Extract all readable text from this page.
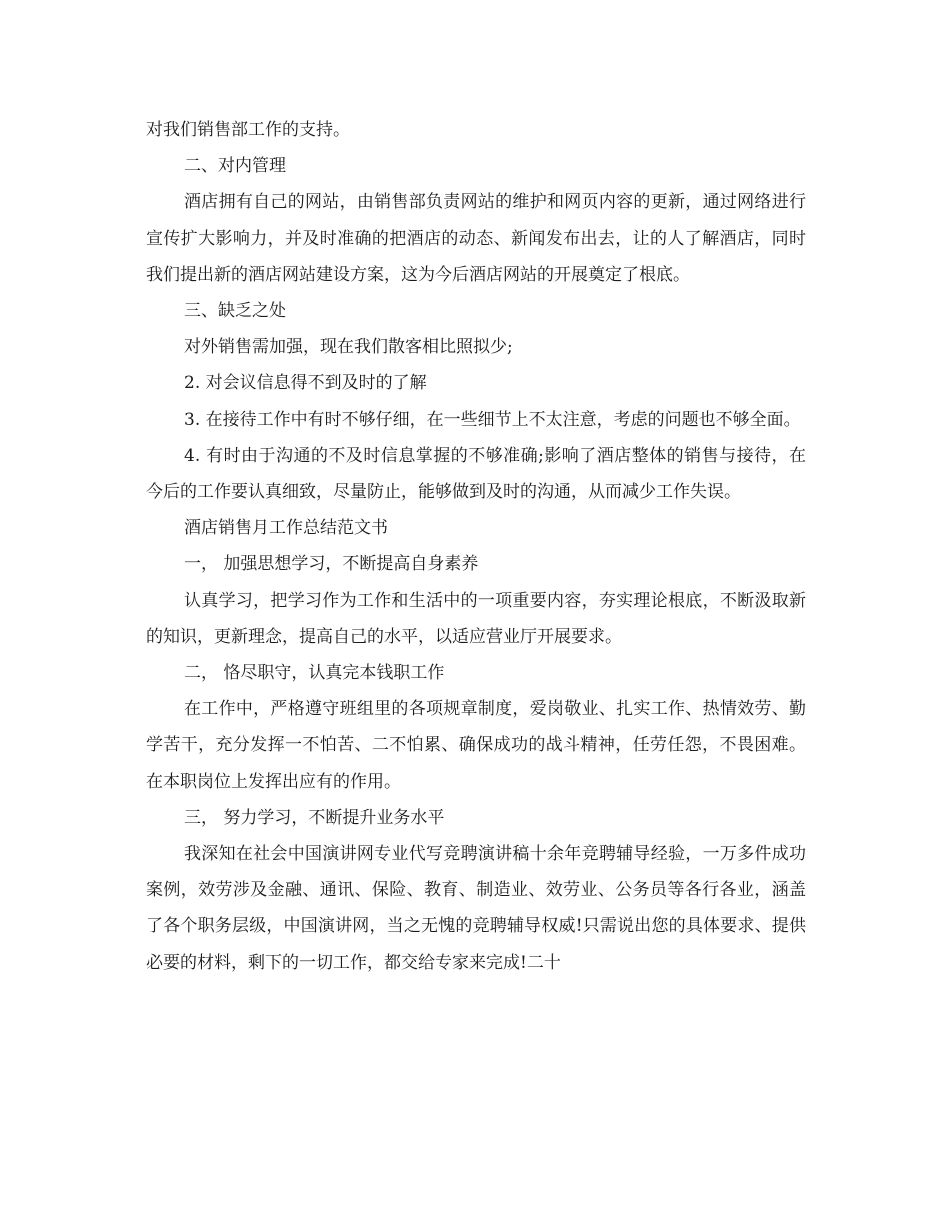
对我们销售部工作的支持。

二、对内管理

酒店拥有自己的网站，由销售部负责网站的维护和网页内容的更新，通过网络进行宣传扩大影响力，并及时准确的把酒店的动态、新闻发布出去，让的人了解酒店，同时我们提出新的酒店网站建设方案，这为今后酒店网站的开展奠定了根底。

三、缺乏之处

对外销售需加强，现在我们散客相比照拟少;

2. 对会议信息得不到及时的了解

3. 在接待工作中有时不够仔细，在一些细节上不太注意，考虑的问题也不够全面。

4. 有时由于沟通的不及时信息掌握的不够准确;影响了酒店整体的销售与接待，在今后的工作要认真细致，尽量防止，能够做到及时的沟通，从而减少工作失误。

酒店销售月工作总结范文书

一， 加强思想学习，不断提高自身素养

认真学习，把学习作为工作和生活中的一项重要内容，夯实理论根底，不断汲取新的知识，更新理念，提高自己的水平，以适应营业厅开展要求。

二， 恪尽职守，认真完本钱职工作

在工作中，严格遵守班组里的各项规章制度，爱岗敬业、扎实工作、热情效劳、勤学苦干，充分发挥一不怕苦、二不怕累、确保成功的战斗精神，任劳任怨，不畏困难。在本职岗位上发挥出应有的作用。

三， 努力学习，不断提升业务水平

我深知在社会中国演讲网专业代写竞聘演讲稿十余年竞聘辅导经验，一万多件成功案例，效劳涉及金融、通讯、保险、教育、制造业、效劳业、公务员等各行各业，涵盖了各个职务层级，中国演讲网，当之无愧的竞聘辅导权威!只需说出您的具体要求、提供必要的材料，剩下的一切工作，都交给专家来完成!二十
